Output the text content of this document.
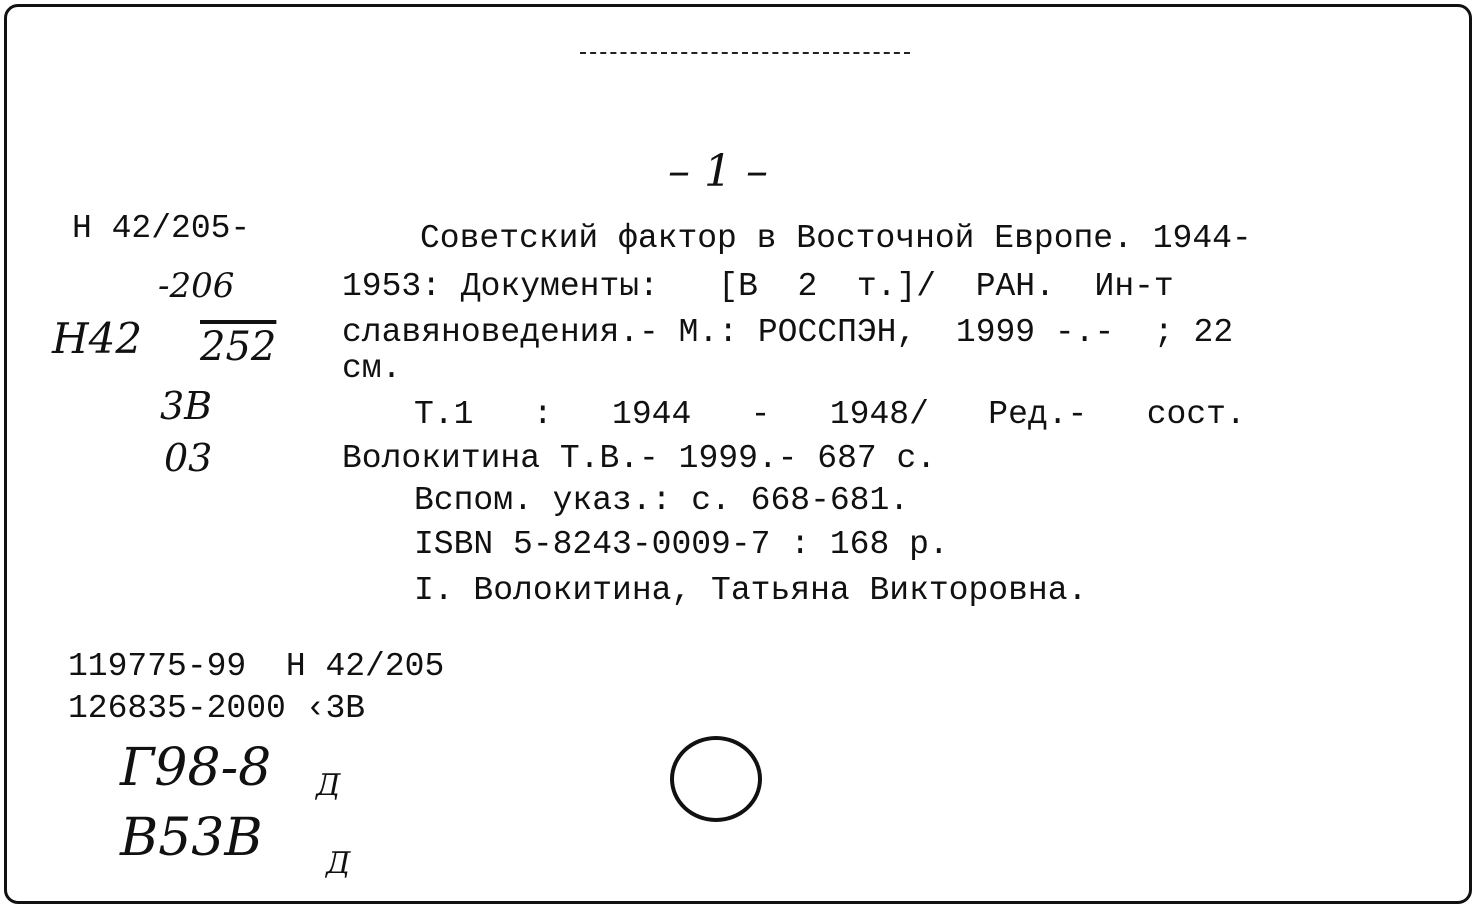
– 1 –
H 42/205-	Советский фактор в Восточной Европе. 1944-
1953: Документы:   [В  2  т.]/  РАН.  Ин-т
славяноведения.- М.: РОССПЭН,  1999 -.-  ; 22
см.
Т.1   :   1944   -   1948/   Ред.-   сост.
Волокитина Т.В.- 1999.- 687 с.
Вспом. указ.: с. 668-681.
ISBN 5-8243-0009-7 : 168 р.
I. Волокитина, Татьяна Викторовна.
119775-99  Н 42/205
126835-2000 ‹3В
-206
Н42 252
3В
03
Г98-8 Д
В53В Д
